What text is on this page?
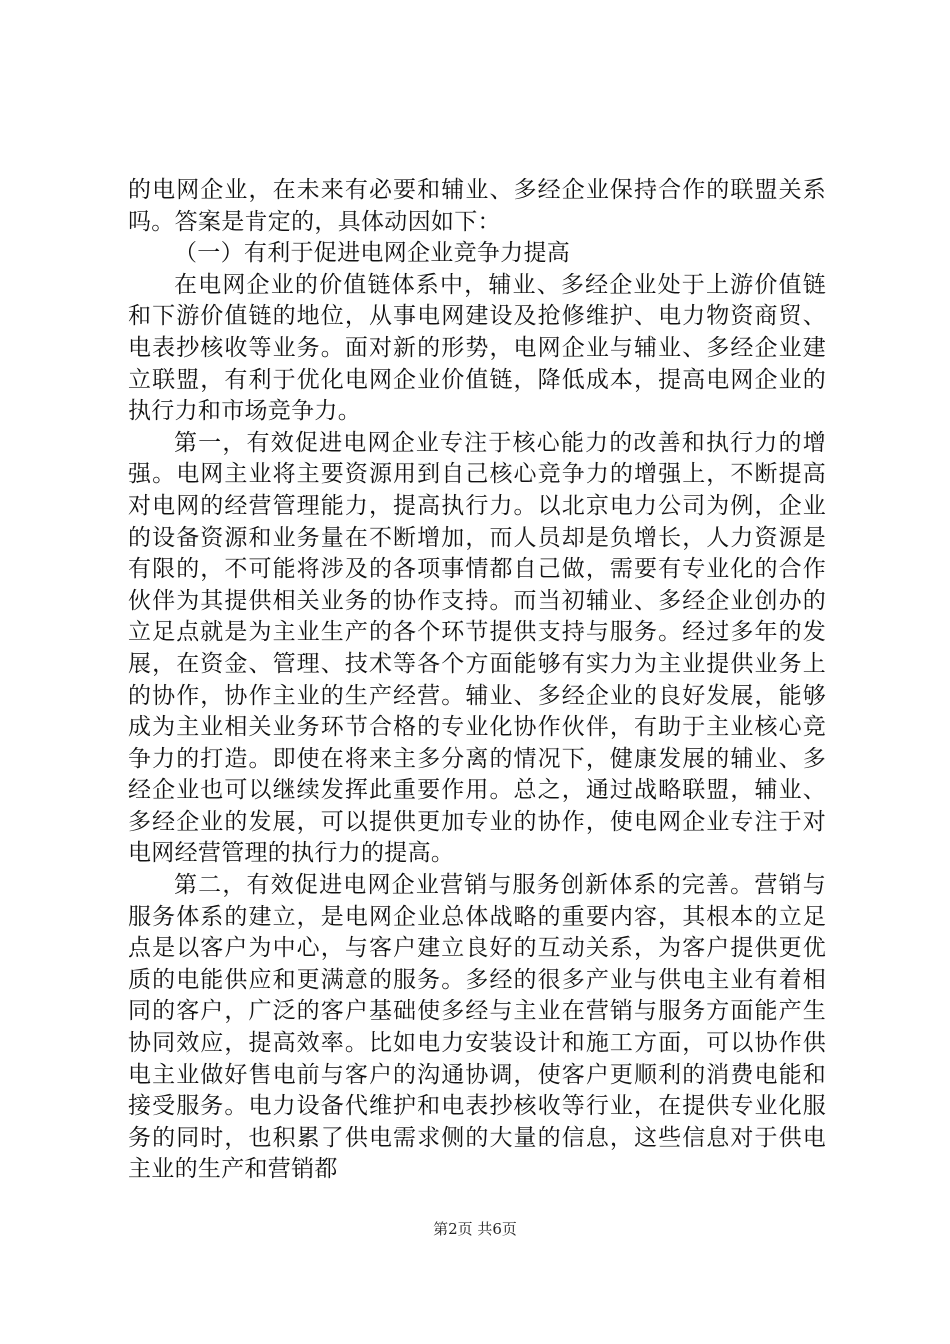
的电网企业，在未来有必要和辅业、多经企业保持合作的联盟关系吗。答案是肯定的，具体动因如下：

（一）有利于促进电网企业竞争力提高

在电网企业的价值链体系中，辅业、多经企业处于上游价值链和下游价值链的地位，从事电网建设及抢修维护、电力物资商贸、电表抄核收等业务。面对新的形势，电网企业与辅业、多经企业建立联盟，有利于优化电网企业价值链，降低成本，提高电网企业的执行力和市场竞争力。

第一，有效促进电网企业专注于核心能力的改善和执行力的增强。电网主业将主要资源用到自己核心竞争力的增强上，不断提高对电网的经营管理能力，提高执行力。以北京电力公司为例，企业的设备资源和业务量在不断增加，而人员却是负增长，人力资源是有限的，不可能将涉及的各项事情都自己做，需要有专业化的合作伙伴为其提供相关业务的协作支持。而当初辅业、多经企业创办的立足点就是为主业生产的各个环节提供支持与服务。经过多年的发展，在资金、管理、技术等各个方面能够有实力为主业提供业务上的协作，协作主业的生产经营。辅业、多经企业的良好发展，能够成为主业相关业务环节合格的专业化协作伙伴，有助于主业核心竞争力的打造。即使在将来主多分离的情况下，健康发展的辅业、多经企业也可以继续发挥此重要作用。总之，通过战略联盟，辅业、多经企业的发展，可以提供更加专业的协作，使电网企业专注于对电网经营管理的执行力的提高。

第二，有效促进电网企业营销与服务创新体系的完善。营销与服务体系的建立，是电网企业总体战略的重要内容，其根本的立足点是以客户为中心，与客户建立良好的互动关系，为客户提供更优质的电能供应和更满意的服务。多经的很多产业与供电主业有着相同的客户，广泛的客户基础使多经与主业在营销与服务方面能产生协同效应，提高效率。比如电力安装设计和施工方面，可以协作供电主业做好售电前与客户的沟通协调，使客户更顺利的消费电能和接受服务。电力设备代维护和电表抄核收等行业，在提供专业化服务的同时，也积累了供电需求侧的大量的信息，这些信息对于供电主业的生产和营销都

第2页 共6页
